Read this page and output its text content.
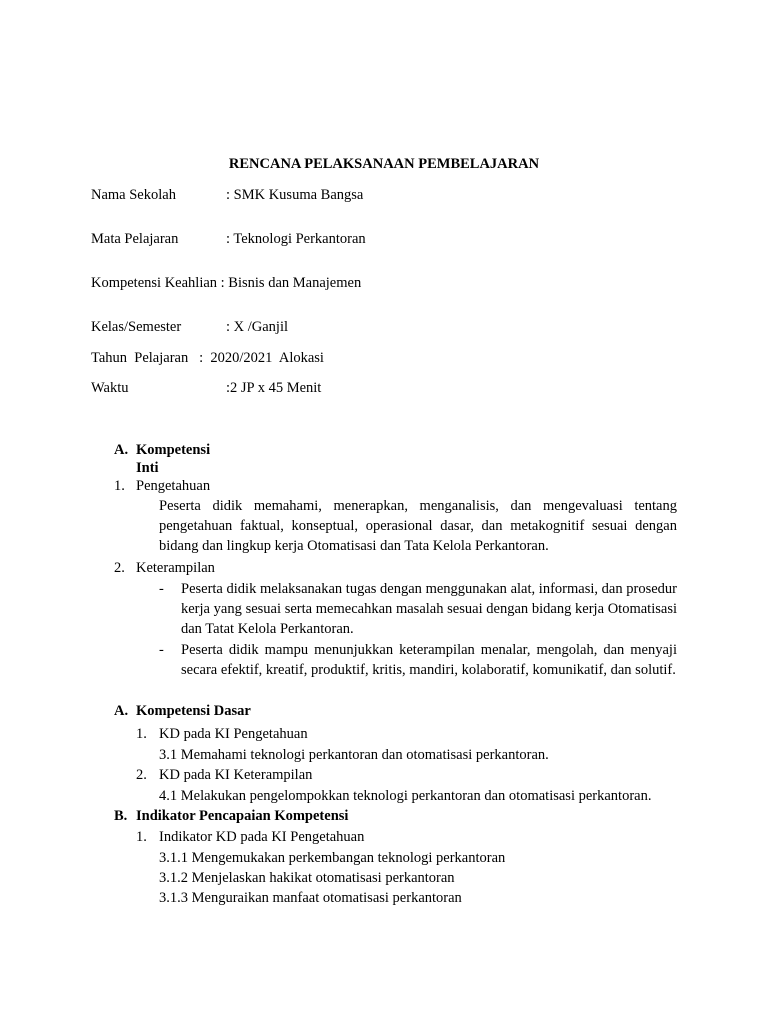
RENCANA PELAKSANAAN PEMBELAJARAN
Nama Sekolah	: SMK Kusuma Bangsa
Mata Pelajaran	: Teknologi Perkantoran
Kompetensi Keahlian : Bisnis dan Manajemen
Kelas/Semester	: X /Ganjil
Tahun  Pelajaran   :  2020/2021  Alokasi
Waktu	:2 JP x 45 Menit
A. Kompetensi
Inti
1. Pengetahuan
Peserta didik memahami, menerapkan, menganalisis, dan mengevaluasi tentang pengetahuan faktual, konseptual, operasional dasar, dan metakognitif sesuai dengan bidang dan lingkup kerja Otomatisasi dan Tata Kelola Perkantoran.
2. Keterampilan
- Peserta didik melaksanakan tugas dengan menggunakan alat, informasi, dan prosedur kerja yang sesuai serta memecahkan masalah sesuai dengan bidang kerja Otomatisasi dan Tatat Kelola Perkantoran.
- Peserta didik mampu menunjukkan keterampilan menalar, mengolah, dan menyaji secara efektif, kreatif, produktif, kritis, mandiri, kolaboratif, komunikatif, dan solutif.
A. Kompetensi Dasar
1. KD pada KI Pengetahuan
3.1 Memahami teknologi perkantoran dan otomatisasi perkantoran.
2. KD pada KI Keterampilan
4.1 Melakukan pengelompokkan teknologi perkantoran dan otomatisasi perkantoran.
B. Indikator Pencapaian Kompetensi
1. Indikator KD pada KI Pengetahuan
3.1.1 Mengemukakan perkembangan teknologi perkantoran
3.1.2 Menjelaskan hakikat otomatisasi perkantoran
3.1.3 Menguraikan manfaat otomatisasi perkantoran
